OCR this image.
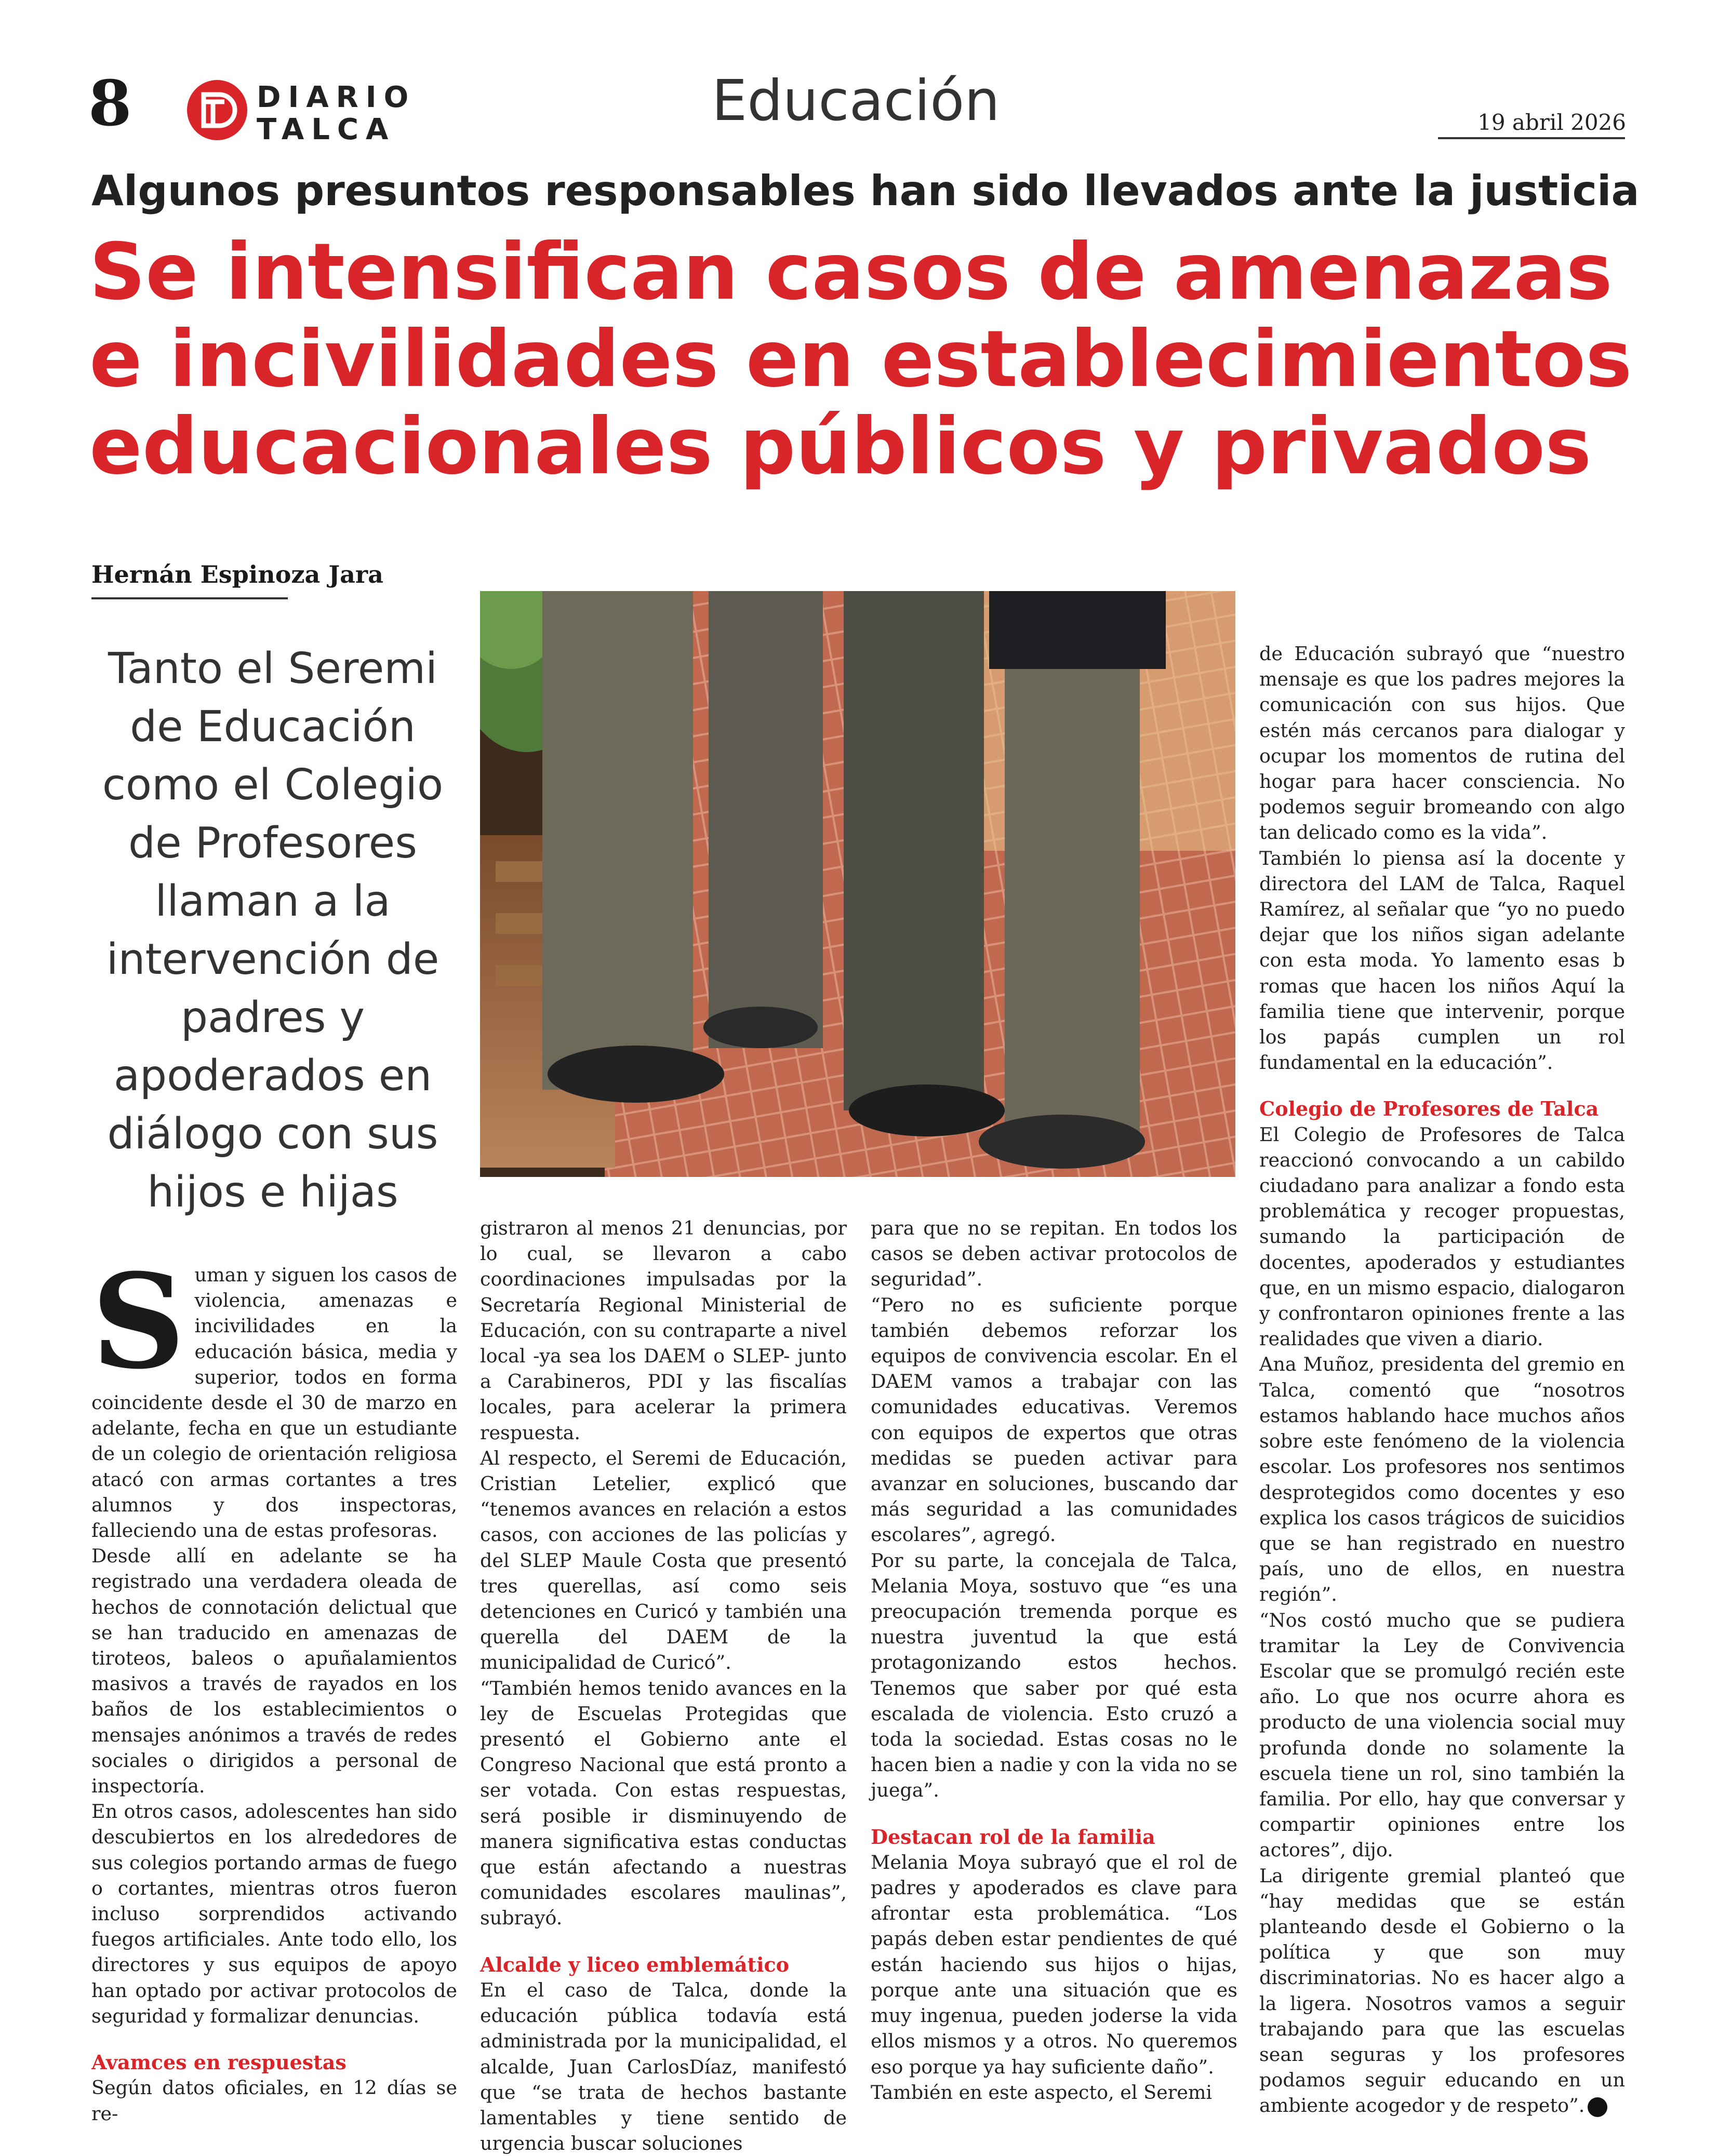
8	DIARIO
TALCA	Educación	19 abril 2026
Algunos presuntos responsables han sido llevados ante la justicia
Se intensifican casos de amenazas
e incivilidades en establecimientos
educacionales públicos y privados
Hernán Espinoza Jara
Tanto el Seremi de Educación como el Colegio de Profesores llaman a la intervención de padres y apoderados en diálogo con sus hijos e hijas

Suman y siguen los casos de violencia, amenazas e incivilidades en la educación básica, media y superior, todos en forma coincidente desde el 30 de marzo en adelante, fecha en que un estudiante de un colegio de orientación religiosa atacó con armas cortantes a tres alumnos y dos inspectoras, falleciendo una de estas profesoras.

Desde allí en adelante se ha registrado una verdadera oleada de hechos de connotación delictual que se han traducido en amenazas de tiroteos, baleos o apuñalamientos masivos a través de rayados en los baños de los establecimientos o mensajes anónimos a través de redes sociales o dirigidos a personal de inspectoría.

En otros casos, adolescentes han sido descubiertos en los alrededores de sus colegios portando armas de fuego o cortantes, mientras otros fueron incluso sorprendidos activando fuegos artificiales. Ante todo ello, los directores y sus equipos de apoyo han optado por activar protocolos de seguridad y formalizar denuncias.

Avamces en respuestas

Según datos oficiales, en 12 días se re-

gistraron al menos 21 denuncias, por lo cual, se llevaron a cabo coordinaciones impulsadas por la Secretaría Regional Ministerial de Educación, con su contraparte a nivel local -ya sea los DAEM o SLEP- junto a Carabineros, PDI y las fiscalías locales, para acelerar la primera respuesta.

Al respecto, el Seremi de Educación, Cristian Letelier, explicó que “tenemos avances en relación a estos casos, con acciones de las policías y del SLEP Maule Costa que presentó tres querellas, así como seis detenciones en Curicó y también una querella del DAEM de la municipalidad de Curicó”.

“También hemos tenido avances en la ley de Escuelas Protegidas que presentó el Gobierno ante el Congreso Nacional que está pronto a ser votada. Con estas respuestas, será posible ir disminuyendo de manera significativa estas conductas que están afectando a nuestras comunidades escolares maulinas”, subrayó.

Alcalde y liceo emblemático

En el caso de Talca, donde la educación pública todavía está administrada por la municipalidad, el alcalde, Juan CarlosDíaz, manifestó que “se trata de hechos bastante lamentables y tiene sentido de urgencia buscar soluciones

para que no se repitan. En todos los casos se deben activar protocolos de seguridad”.

“Pero no es suficiente porque también debemos reforzar los equipos de convivencia escolar. En el DAEM vamos a trabajar con las comunidades educativas. Veremos con equipos de expertos que otras medidas se pueden activar para avanzar en soluciones, buscando dar más seguridad a las comunidades escolares”, agregó.

Por su parte, la concejala de Talca, Melania Moya, sostuvo que “es una preocupación tremenda porque es nuestra juventud la que está protagonizando estos hechos. Tenemos que saber por qué esta escalada de violencia. Esto cruzó a toda la sociedad. Estas cosas no le hacen bien a nadie y con la vida no se juega”.

Destacan rol de la familia

Melania Moya subrayó que el rol de padres y apoderados es clave para afrontar esta problemática. “Los papás deben estar pendientes de qué están haciendo sus hijos o hijas, porque ante una situación que es muy ingenua, pueden joderse la vida ellos mismos y a otros. No queremos eso porque ya hay suficiente daño”.

También en este aspecto, el Seremi

de Educación subrayó que “nuestro mensaje es que los padres mejores la comunicación con sus hijos. Que estén más cercanos para dialogar y ocupar los momentos de rutina del hogar para hacer consciencia. No podemos seguir bromeando con algo tan delicado como es la vida”.

También lo piensa así la docente y directora del LAM de Talca, Raquel Ramírez, al señalar que “yo no puedo dejar que los niños sigan adelante con esta moda. Yo lamento esas b romas que hacen los niños Aquí la familia tiene que intervenir, porque los papás cumplen un rol fundamental en la educación”.

Colegio de Profesores de Talca

El Colegio de Profesores de Talca reaccionó convocando a un cabildo ciudadano para analizar a fondo esta problemática y recoger propuestas, sumando la participación de docentes, apoderados y estudiantes que, en un mismo espacio, dialogaron y confrontaron opiniones frente a las realidades que viven a diario.

Ana Muñoz, presidenta del gremio en Talca, comentó que “nosotros estamos hablando hace muchos años sobre este fenómeno de la violencia escolar. Los profesores nos sentimos desprotegidos como docentes y eso explica los casos trágicos de suicidios que se han registrado en nuestro país, uno de ellos, en nuestra región”.

“Nos costó mucho que se pudiera tramitar la Ley de Convivencia Escolar que se promulgó recién este año. Lo que nos ocurre ahora es producto de una violencia social muy profunda donde no solamente la escuela tiene un rol, sino también la familia. Por ello, hay que conversar y compartir opiniones entre los actores”, dijo.

La dirigente gremial planteó que “hay medidas que se están planteando desde el Gobierno o la política y que son muy discriminatorias. No es hacer algo a la ligera. Nosotros vamos a seguir trabajando para que las escuelas sean seguras y los profesores podamos seguir educando en un ambiente acogedor y de respeto”.
